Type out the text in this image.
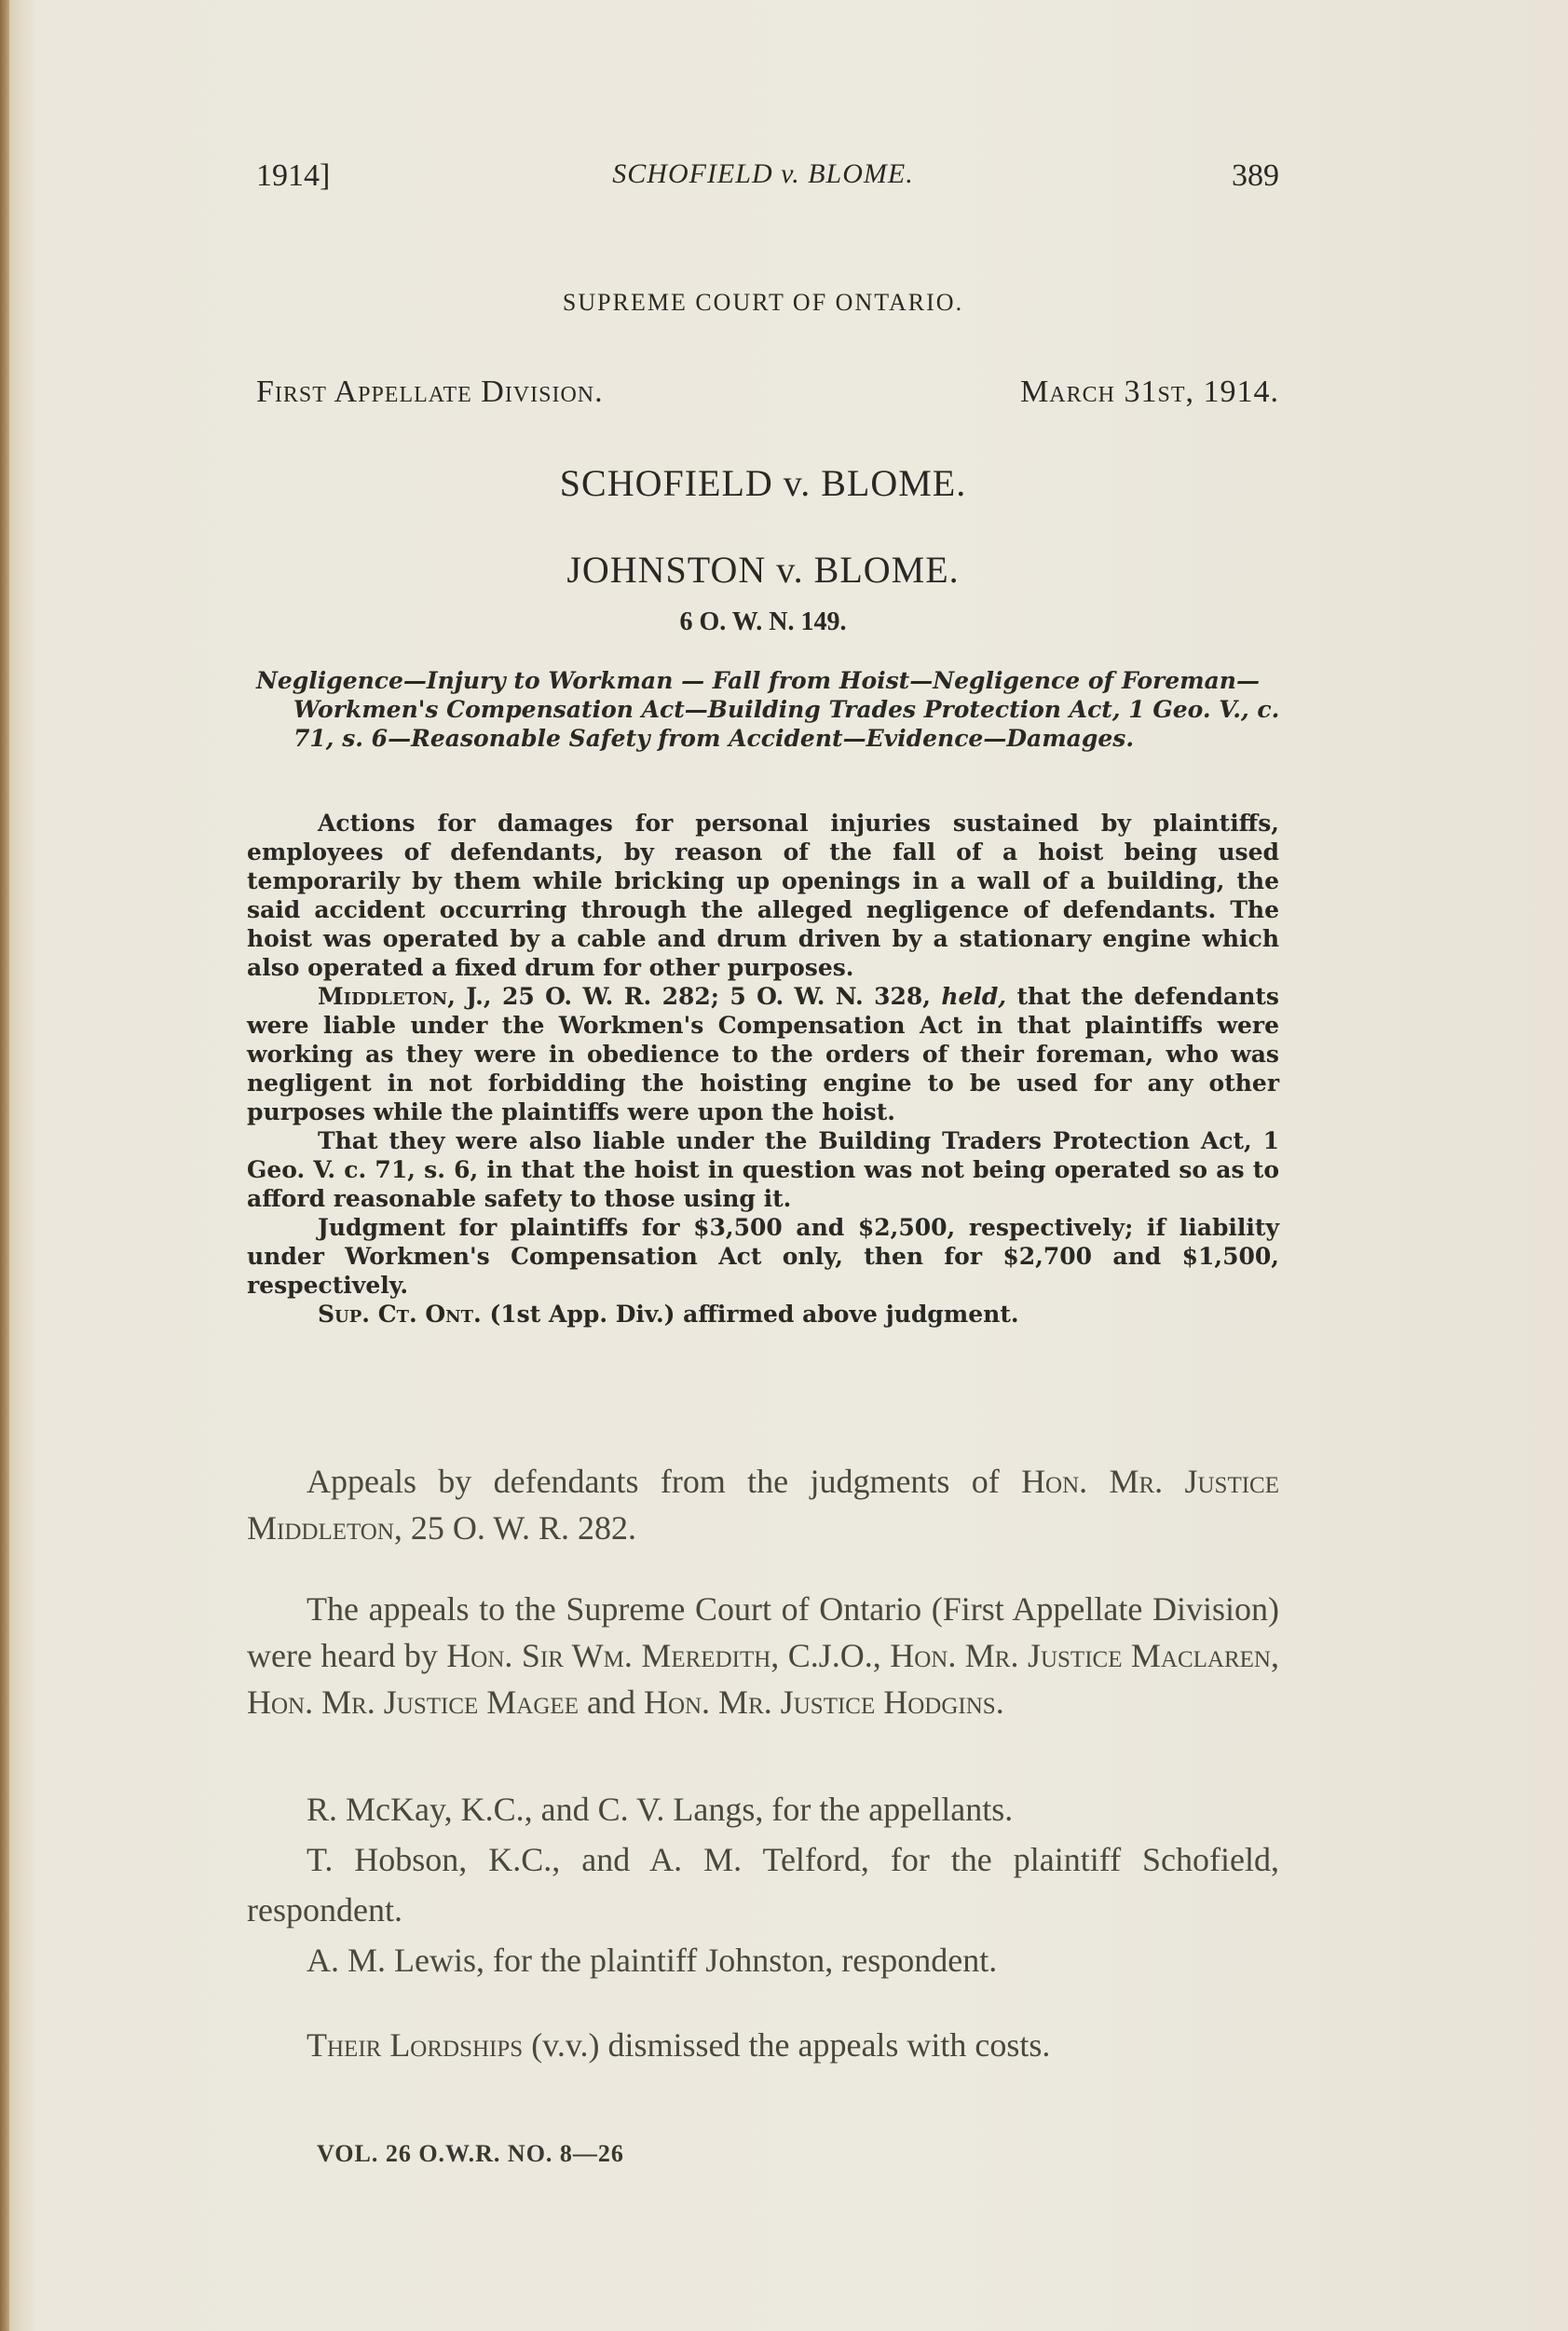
1914]	SCHOFIELD v. BLOME.	389
SUPREME COURT OF ONTARIO.
First Appellate Division.	March 31st, 1914.
SCHOFIELD v. BLOME.
JOHNSTON v. BLOME.
6 O. W. N. 149.
Negligence—Injury to Workman — Fall from Hoist—Negligence of Foreman—Workmen's Compensation Act—Building Trades Protection Act, 1 Geo. V., c. 71, s. 6—Reasonable Safety from Accident—Evidence—Damages.

Actions for damages for personal injuries sustained by plaintiffs, employees of defendants, by reason of the fall of a hoist being used temporarily by them while bricking up openings in a wall of a building, the said accident occurring through the alleged negligence of defendants. The hoist was operated by a cable and drum driven by a stationary engine which also operated a fixed drum for other purposes.

Middleton, J., 25 O. W. R. 282; 5 O. W. N. 328, held, that the defendants were liable under the Workmen's Compensation Act in that plaintiffs were working as they were in obedience to the orders of their foreman, who was negligent in not forbidding the hoisting engine to be used for any other purposes while the plaintiffs were upon the hoist.

That they were also liable under the Building Traders Protection Act, 1 Geo. V. c. 71, s. 6, in that the hoist in question was not being operated so as to afford reasonable safety to those using it.

Judgment for plaintiffs for $3,500 and $2,500, respectively; if liability under Workmen's Compensation Act only, then for $2,700 and $1,500, respectively.

Sup. Ct. Ont. (1st App. Div.) affirmed above judgment.

Appeals by defendants from the judgments of Hon. Mr. Justice Middleton, 25 O. W. R. 282.

The appeals to the Supreme Court of Ontario (First Appellate Division) were heard by Hon. Sir Wm. Meredith, C.J.O., Hon. Mr. Justice Maclaren, Hon. Mr. Justice Magee and Hon. Mr. Justice Hodgins.

R. McKay, K.C., and C. V. Langs, for the appellants.

T. Hobson, K.C., and A. M. Telford, for the plaintiff Schofield, respondent.

A. M. Lewis, for the plaintiff Johnston, respondent.

Their Lordships (v.v.) dismissed the appeals with costs.

VOL. 26 O.W.R. NO. 8—26
